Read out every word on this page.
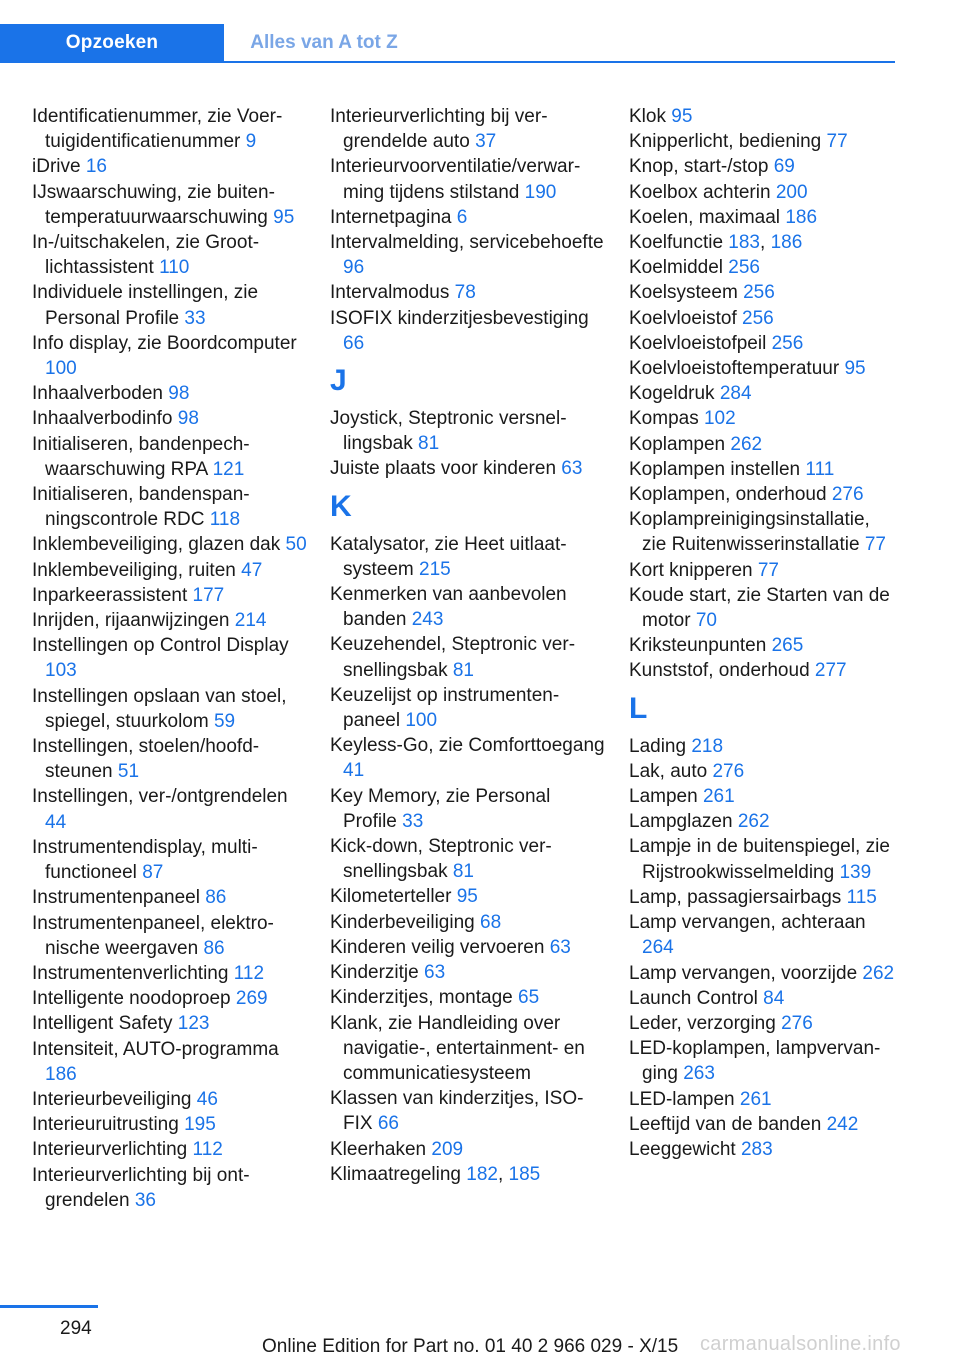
Opzoeken	Alles van A tot Z
Identificatienummer, zie Voertuigidentificatienummer 9
iDrive 16
IJswaarschuwing, zie buitentemperatuurwaarschuwing 95
In-/uitschakelen, zie Grootlichtassistent 110
Individuele instellingen, zie Personal Profile 33
Info display, zie Boordcomputer 100
Inhaalverboden 98
Inhaalverbodinfo 98
Initialiseren, bandenpechwaarschuwing RPA 121
Initialiseren, bandenspanningscontrole RDC 118
Inklembeveiliging, glazen dak 50
Inklembeveiliging, ruiten 47
Inparkeerassistent 177
Inrijden, rijaanwijzingen 214
Instellingen op Control Display 103
Instellingen opslaan van stoel, spiegel, stuurkolom 59
Instellingen, stoelen/hoofdsteunen 51
Instellingen, ver-/ontgrendelen 44
Instrumentendisplay, multifunctioneel 87
Instrumentenpaneel 86
Instrumentenpaneel, elektronische weergaven 86
Instrumentenverlichting 112
Intelligente noodoproep 269
Intelligent Safety 123
Intensiteit, AUTO-programma 186
Interieurbeveiliging 46
Interieuruitrusting 195
Interieurverlichting 112
Interieurverlichting bij ontgrendelen 36
Interieurverlichting bij vergrendelde auto 37
Interieurvoorventilatie/verwarming tijdens stilstand 190
Internetpagina 6
Intervalmelding, servicebehoefte 96
Intervalmodus 78
ISOFIX kinderzitjesbevestiging 66
J
Joystick, Steptronic versnellingsbak 81
Juiste plaats voor kinderen 63
K
Katalysator, zie Heet uitlaatsysteem 215
Kenmerken van aanbevolen banden 243
Keuzehendel, Steptronic versnellingsbak 81
Keuzelijst op instrumentenpaneel 100
Keyless-Go, zie Comforttoegang 41
Key Memory, zie Personal Profile 33
Kick-down, Steptronic versnellingsbak 81
Kilometerteller 95
Kinderbeveiliging 68
Kinderen veilig vervoeren 63
Kinderzitje 63
Kinderzitjes, montage 65
Klank, zie Handleiding over navigatie-, entertainment- en communicatiesysteem
Klassen van kinderzitjes, ISOFIX 66
Kleerhaken 209
Klimaatregeling 182, 185
Klok 95
Knipperlicht, bediening 77
Knop, start-/stop 69
Koelbox achterin 200
Koelen, maximaal 186
Koelfunctie 183, 186
Koelmiddel 256
Koelsysteem 256
Koelvloeistof 256
Koelvloeistofpeil 256
Koelvloeistoftemperatuur 95
Kogeldruk 284
Kompas 102
Koplampen 262
Koplampen instellen 111
Koplampen, onderhoud 276
Koplampreinigingsinstallatie, zie Ruitenwisserinstallatie 77
Kort knipperen 77
Koude start, zie Starten van de motor 70
Kriksteunpunten 265
Kunststof, onderhoud 277
L
Lading 218
Lak, auto 276
Lampen 261
Lampglazen 262
Lampje in de buitenspiegel, zie Rijstrookwisselmelding 139
Lamp, passagiersairbags 115
Lamp vervangen, achteraan 264
Lamp vervangen, voorzijde 262
Launch Control 84
Leder, verzorging 276
LED-koplampen, lampvervanging 263
LED-lampen 261
Leeftijd van de banden 242
Leeggewicht 283
294
Online Edition for Part no. 01 40 2 966 029 - X/15 carmanualsonline.info
